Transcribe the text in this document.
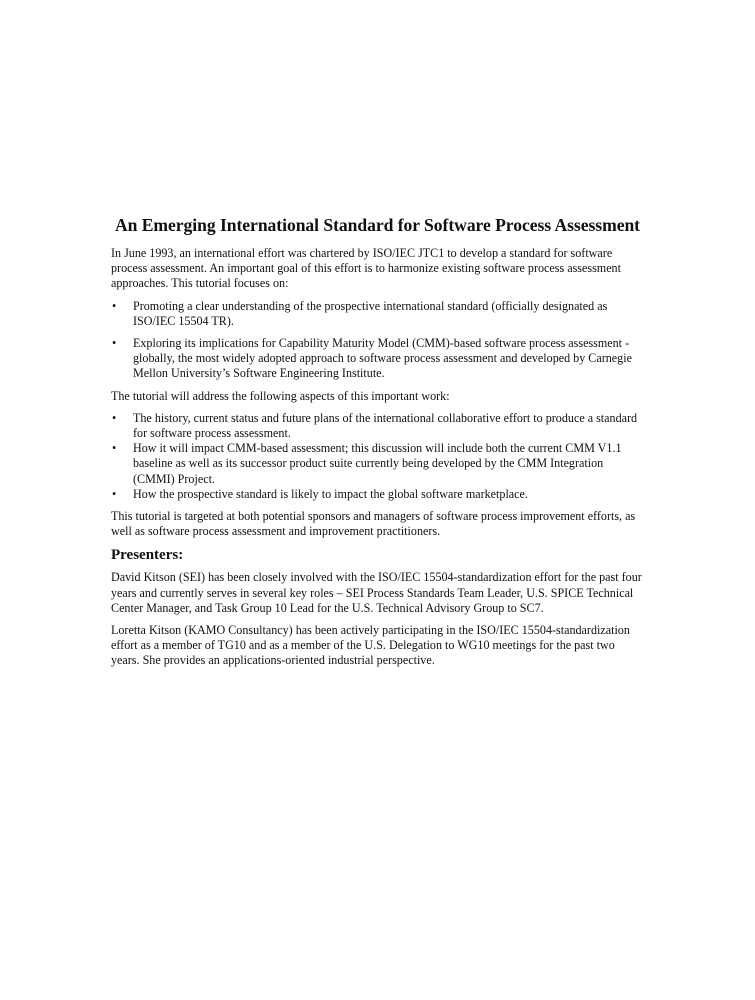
An Emerging International Standard for Software Process Assessment

In June 1993, an international effort was chartered by ISO/IEC JTC1 to develop a standard for software process assessment. An important goal of this effort is to harmonize existing software process assessment approaches. This tutorial focuses on:

• Promoting a clear understanding of the prospective international standard (officially designated as ISO/IEC 15504 TR).
• Exploring its implications for Capability Maturity Model (CMM)-based software process assessment - globally, the most widely adopted approach to software process assessment and developed by Carnegie Mellon University’s Software Engineering Institute.

The tutorial will address the following aspects of this important work:

• The history, current status and future plans of the international collaborative effort to produce a standard for software process assessment.
• How it will impact CMM-based assessment; this discussion will include both the current CMM V1.1 baseline as well as its successor product suite currently being developed by the CMM Integration (CMMI) Project.
• How the prospective standard is likely to impact the global software marketplace.

This tutorial is targeted at both potential sponsors and managers of software process improvement efforts, as well as software process assessment and improvement practitioners.

Presenters:

David Kitson (SEI) has been closely involved with the ISO/IEC 15504-standardization effort for the past four years and currently serves in several key roles – SEI Process Standards Team Leader, U.S. SPICE Technical Center Manager, and Task Group 10 Lead for the U.S. Technical Advisory Group to SC7.

Loretta Kitson (KAMO Consultancy) has been actively participating in the ISO/IEC 15504-standardization effort as a member of TG10 and as a member of the U.S. Delegation to WG10 meetings for the past two years. She provides an applications-oriented industrial perspective.
